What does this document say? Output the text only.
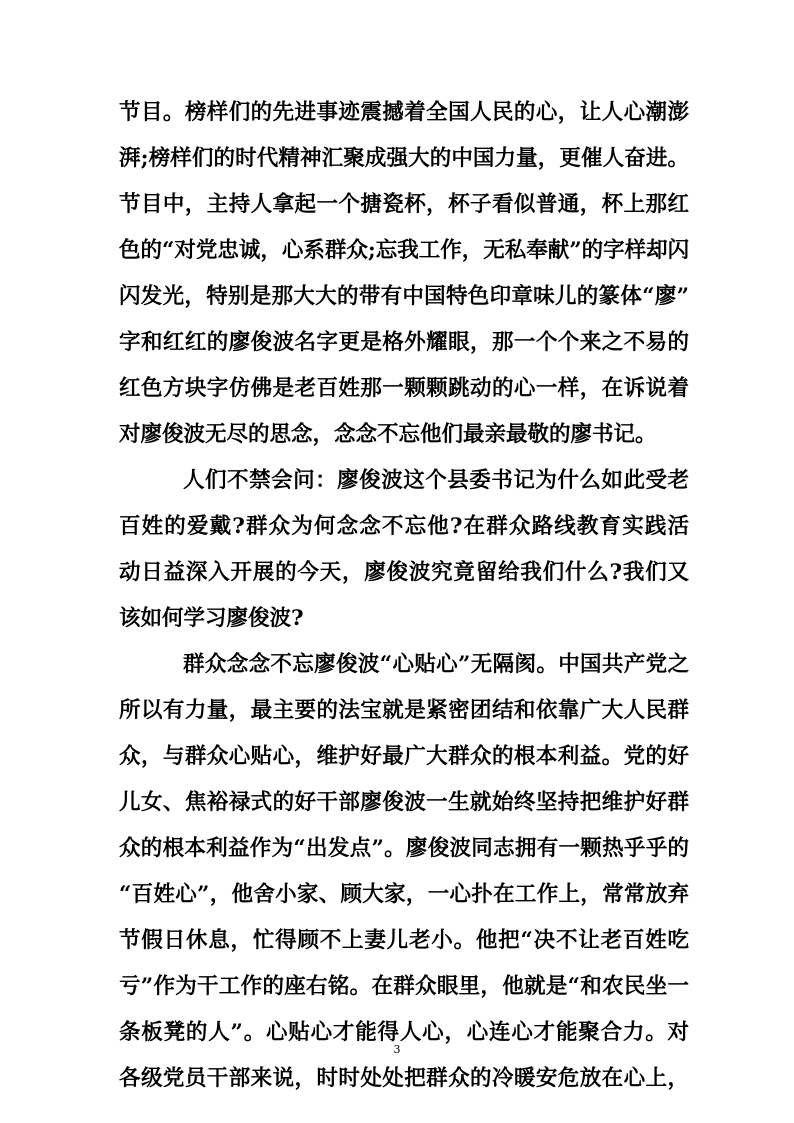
节目。榜样们的先进事迹震撼着全国人民的心，让人心潮澎
湃;榜样们的时代精神汇聚成强大的中国力量，更催人奋进。
节目中，主持人拿起一个搪瓷杯，杯子看似普通，杯上那红
色的“对党忠诚，心系群众;忘我工作，无私奉献”的字样却闪
闪发光，特别是那大大的带有中国特色印章味儿的篆体“廖”
字和红红的廖俊波名字更是格外耀眼，那一个个来之不易的
红色方块字仿佛是老百姓那一颗颗跳动的心一样，在诉说着
对廖俊波无尽的思念，念念不忘他们最亲最敬的廖书记。
人们不禁会问：廖俊波这个县委书记为什么如此受老
百姓的爱戴?群众为何念念不忘他?在群众路线教育实践活
动日益深入开展的今天，廖俊波究竟留给我们什么?我们又
该如何学习廖俊波?
群众念念不忘廖俊波“心贴心”无隔阂。中国共产党之
所以有力量，最主要的法宝就是紧密团结和依靠广大人民群
众，与群众心贴心，维护好最广大群众的根本利益。党的好
儿女、焦裕禄式的好干部廖俊波一生就始终坚持把维护好群
众的根本利益作为“出发点”。廖俊波同志拥有一颗热乎乎的
“百姓心”，他舍小家、顾大家，一心扑在工作上，常常放弃
节假日休息，忙得顾不上妻儿老小。他把“决不让老百姓吃
亏”作为干工作的座右铭。在群众眼里，他就是“和农民坐一
条板凳的人”。心贴心才能得人心，心连心才能聚合力。对
各级党员干部来说，时时处处把群众的冷暖安危放在心上，
3
